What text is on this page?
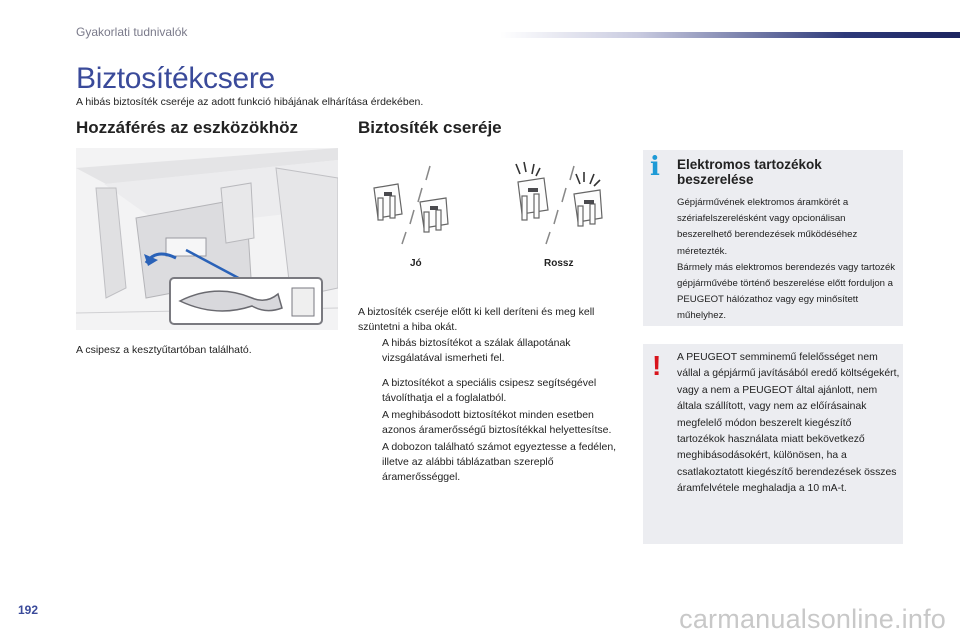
Gyakorlati tudnivalók
Biztosítékcsere
A hibás biztosíték cseréje az adott funkció hibájának elhárítása érdekében.
Hozzáférés az eszközökhöz	Biztosíték cseréje
A csipesz a kesztyűtartóban található.
Jó	Rossz
A biztosíték cseréje előtt ki kell deríteni és meg kell szüntetni a hiba okát.
A hibás biztosítékot a szálak állapotának vizsgálatával ismerheti fel.
A biztosítékot a speciális csipesz segítségével távolíthatja el a foglalatból.
A meghibásodott biztosítékot minden esetben azonos áramerősségű biztosítékkal helyettesítse.
A dobozon található számot egyeztesse a fedélen, illetve az alábbi táblázatban szereplő áramerősséggel.
i Elektromos tartozékok beszerelése
Gépjárművének elektromos áramkörét a szériafelszerelésként vagy opcionálisan beszerelhető berendezések működéséhez méretezték.
Bármely más elektromos berendezés vagy tartozék gépjárművébe történő beszerelése előtt forduljon a PEUGEOT hálózathoz vagy egy minősített műhelyhez.
! A PEUGEOT semminemű felelősséget nem vállal a gépjármű javításából eredő költségekért, vagy a nem a PEUGEOT által ajánlott, nem általa szállított, vagy nem az előírásainak megfelelő módon beszerelt kiegészítő tartozékok használata miatt bekövetkező meghibásodásokért, különösen, ha a csatlakoztatott kiegészítő berendezések összes áramfelvétele meghaladja a 10 mA-t.
192	carmanualsonline.info
